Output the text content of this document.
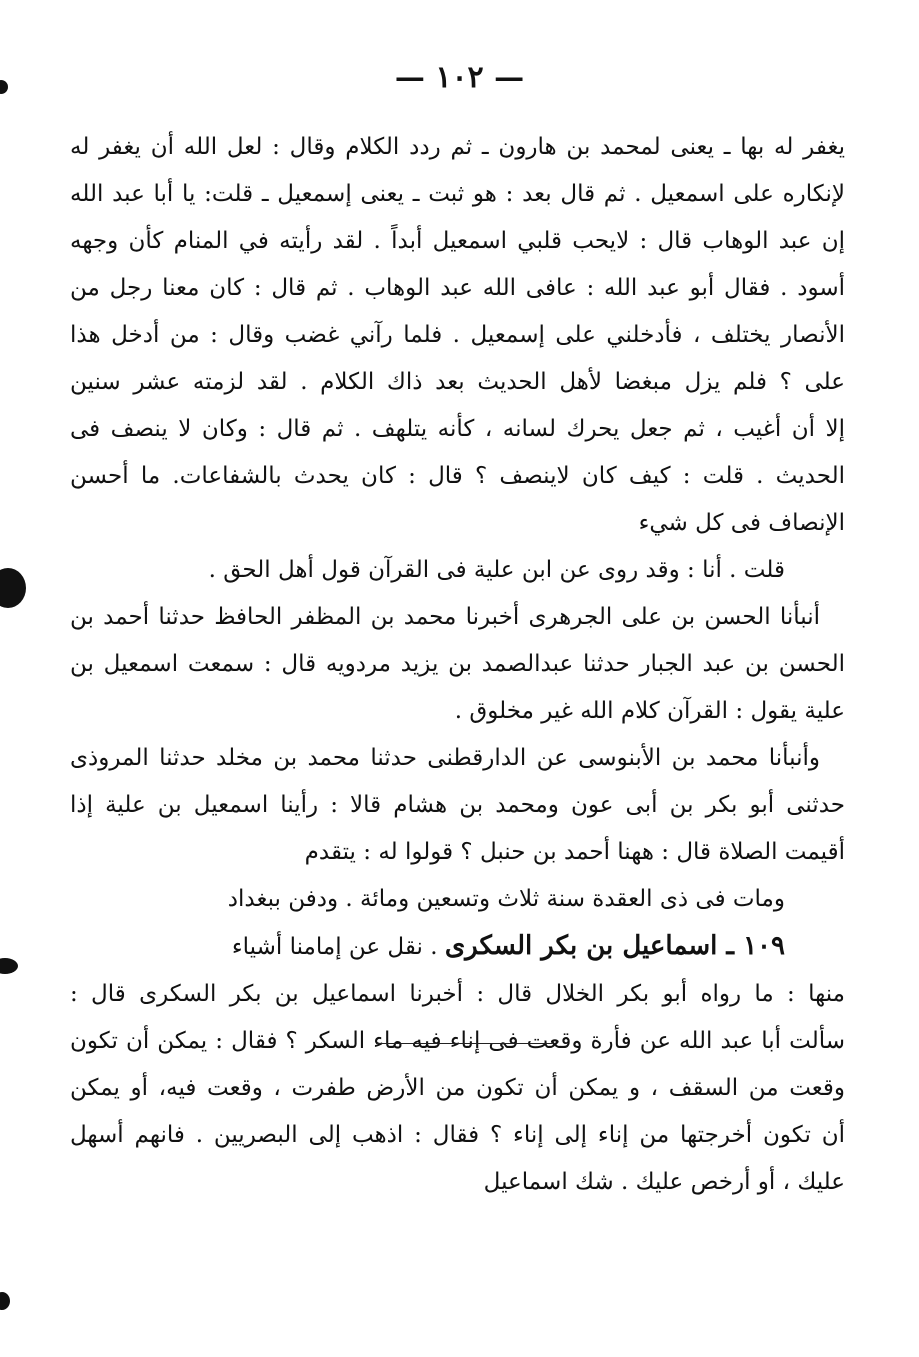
— ١٠٢ —
يغفر له بها ـ يعنى لمحمد بن هارون ـ ثم ردد الكلام وقال : لعل الله أن يغفر له
لإنكاره على اسمعيل . ثم قال بعد : هو ثبت ـ يعنى إسمعيل ـ قلت: يا أبا عبد الله
إن عبد الوهاب قال : لايحب قلبي اسمعيل أبداً . لقد رأيته في المنام كأن وجهه
أسود . فقال أبو عبد الله : عافى الله عبد الوهاب . ثم قال : كان معنا رجل من
الأنصار يختلف ، فأدخلني على إسمعيل . فلما رآني غضب وقال : من أدخل هذا
على ؟ فلم يزل مبغضا لأهل الحديث بعد ذاك الكلام . لقد لزمته عشر سنين
إلا أن أغيب ، ثم جعل يحرك لسانه ، كأنه يتلهف . ثم قال : وكان لا ينصف فى
الحديث . قلت : كيف كان لاينصف ؟ قال : كان يحدث بالشفاعات. ما أحسن
الإنصاف فى كل شيء
قلت . أنا : وقد روى عن ابن علية فى القرآن قول أهل الحق .
أنبأنا الحسن بن على الجرهرى أخبرنا محمد بن المظفر الحافظ حدثنا أحمد بن
الحسن بن عبد الجبار حدثنا عبدالصمد بن يزيد مردويه قال : سمعت اسمعيل بن
علية يقول : القرآن كلام الله غير مخلوق .
وأنبأنا محمد بن الأبنوسى عن الدارقطنى حدثنا محمد بن مخلد حدثنا المروذى
حدثنى أبو بكر بن أبى عون ومحمد بن هشام قالا : رأينا اسمعيل بن علية إذا
أقيمت الصلاة قال : ههنا أحمد بن حنبل ؟ قولوا له : يتقدم
ومات فى ذى العقدة سنة ثلاث وتسعين ومائة . ودفن ببغداد
١٠٩ ـ اسماعيل بن بكر السكرى . نقل عن إمامنا أشياء
منها : ما رواه أبو بكر الخلال قال : أخبرنا اسماعيل بن بكر السكرى قال :
سألت أبا عبد الله عن فأرة وقعت فى إناء فيه ماء السكر ؟ فقال : يمكن أن تكون
وقعت من السقف ، و يمكن أن تكون من الأرض طفرت ، وقعت فيه، أو يمكن
أن تكون أخرجتها من إناء إلى إناء ؟ فقال : اذهب إلى البصريين . فانهم أسهل
عليك ، أو أرخص عليك . شك اسماعيل
